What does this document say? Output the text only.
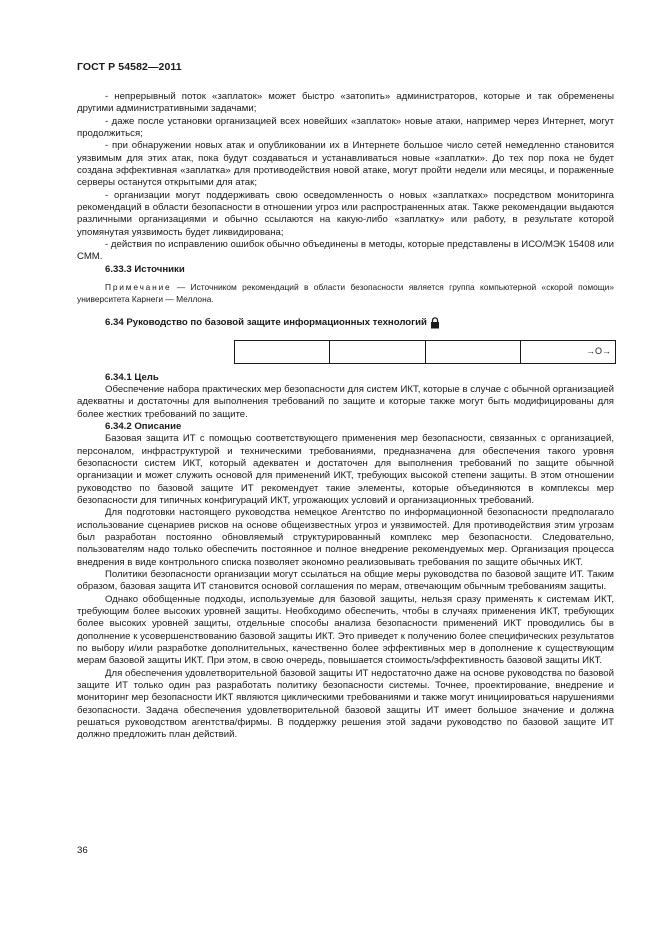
ГОСТ Р 54582—2011

- непрерывный поток «заплаток» может быстро «затопить» администраторов, которые и так обременены другими административными задачами;

- даже после установки организацией всех новейших «заплаток» новые атаки, например через Интернет, могут продолжиться;

- при обнаружении новых атак и опубликовании их в Интернете большое число сетей немедленно становится уязвимым для этих атак, пока будут создаваться и устанавливаться новые «заплатки». До тех пор пока не будет создана эффективная «заплатка» для противодействия новой атаке, могут пройти недели или месяцы, и пораженные серверы останутся открытыми для атак;

- организации могут поддерживать свою осведомленность о новых «заплатках» посредством мониторинга рекомендаций в области безопасности в отношении угроз или распространенных атак. Также рекомендации выдаются различными организациями и обычно ссылаются на какую-либо «заплатку» или работу, в результате которой упомянутая уязвимость будет ликвидирована;

- действия по исправлению ошибок обычно объединены в методы, которые представлены в ИСО/МЭК 15408 или СММ.

6.33.3 Источники

Примечание — Источником рекомендаций в области безопасности является группа компьютерной «скорой помощи» университета Карнеги — Меллона.

6.34 Руководство по базовой защите информационных технологий
→O→

6.34.1 Цель

Обеспечение набора практических мер безопасности для систем ИКТ, которые в случае с обычной организацией адекватны и достаточны для выполнения требований по защите и которые также могут быть модифицированы для более жестких требований по защите.

6.34.2 Описание

Базовая защита ИТ с помощью соответствующего применения мер безопасности, связанных с организацией, персоналом, инфраструктурой и техническими требованиями, предназначена для обеспечения такого уровня безопасности систем ИКТ, который адекватен и достаточен для выполнения требований по защите обычной организации и может служить основой для применений ИКТ, требующих высокой степени защиты. В этом отношении руководство по базовой защите ИТ рекомендует такие элементы, которые объединяются в комплексы мер безопасности для типичных конфигураций ИКТ, угрожающих условий и организационных требований.

Для подготовки настоящего руководства немецкое Агентство по информационной безопасности предполагало использование сценариев рисков на основе общеизвестных угроз и уязвимостей. Для противодействия этим угрозам был разработан постоянно обновляемый структурированный комплекс мер безопасности. Следовательно, пользователям надо только обеспечить постоянное и полное внедрение рекомендуемых мер. Организация процесса внедрения в виде контрольного списка позволяет экономно реализовывать требования по защите обычных ИКТ.

Политики безопасности организации могут ссылаться на общие меры руководства по базовой защите ИТ. Таким образом, базовая защита ИТ становится основой соглашения по мерам, отвечающим обычным требованиям защиты.

Однако обобщенные подходы, используемые для базовой защиты, нельзя сразу применять к системам ИКТ, требующим более высоких уровней защиты. Необходимо обеспечить, чтобы в случаях применения ИКТ, требующих более высоких уровней защиты, отдельные способы анализа безопасности применений ИКТ проводились бы в дополнение к усовершенствованию базовой защиты ИКТ. Это приведет к получению более специфических результатов по выбору и/или разработке дополнительных, качественно более эффективных мер в дополнение к существующим мерам базовой защиты ИКТ. При этом, в свою очередь, повышается стоимость/эффективность базовой защиты ИКТ.

Для обеспечения удовлетворительной базовой защиты ИТ недостаточно даже на основе руководства по базовой защите ИТ только один раз разработать политику безопасности системы. Точнее, проектирование, внедрение и мониторинг мер безопасности ИКТ являются циклическими требованиями и также могут инициироваться нарушениями безопасности. Задача обеспечения удовлетворительной базовой защиты ИТ имеет большое значение и должна решаться руководством агентства/фирмы. В поддержку решения этой задачи руководство по базовой защите ИТ должно предложить план действий.

36
